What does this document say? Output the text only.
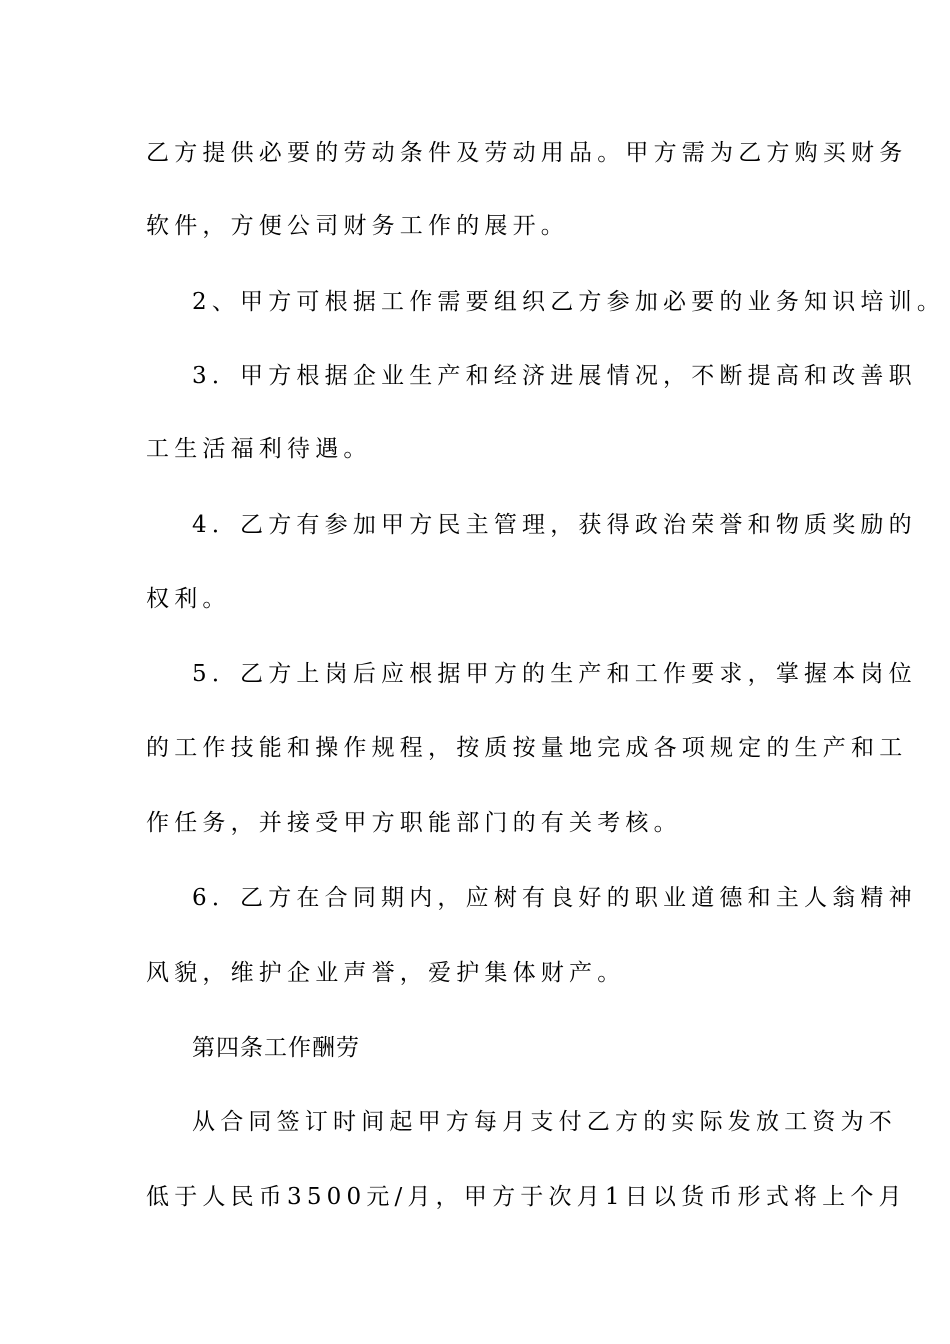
乙方提供必要的劳动条件及劳动用品。甲方需为乙方购买财务
软件，方便公司财务工作的展开。
2、甲方可根据工作需要组织乙方参加必要的业务知识培训。
3．甲方根据企业生产和经济进展情况，不断提高和改善职
工生活福利待遇。
4．乙方有参加甲方民主管理，获得政治荣誉和物质奖励的
权利。
5．乙方上岗后应根据甲方的生产和工作要求，掌握本岗位
的工作技能和操作规程，按质按量地完成各项规定的生产和工
作任务，并接受甲方职能部门的有关考核。
6．乙方在合同期内，应树有良好的职业道德和主人翁精神
风貌，维护企业声誉，爱护集体财产。
第四条工作酬劳
从合同签订时间起甲方每月支付乙方的实际发放工资为不
低于人民币3500元/月，甲方于次月1日以货币形式将上个月
